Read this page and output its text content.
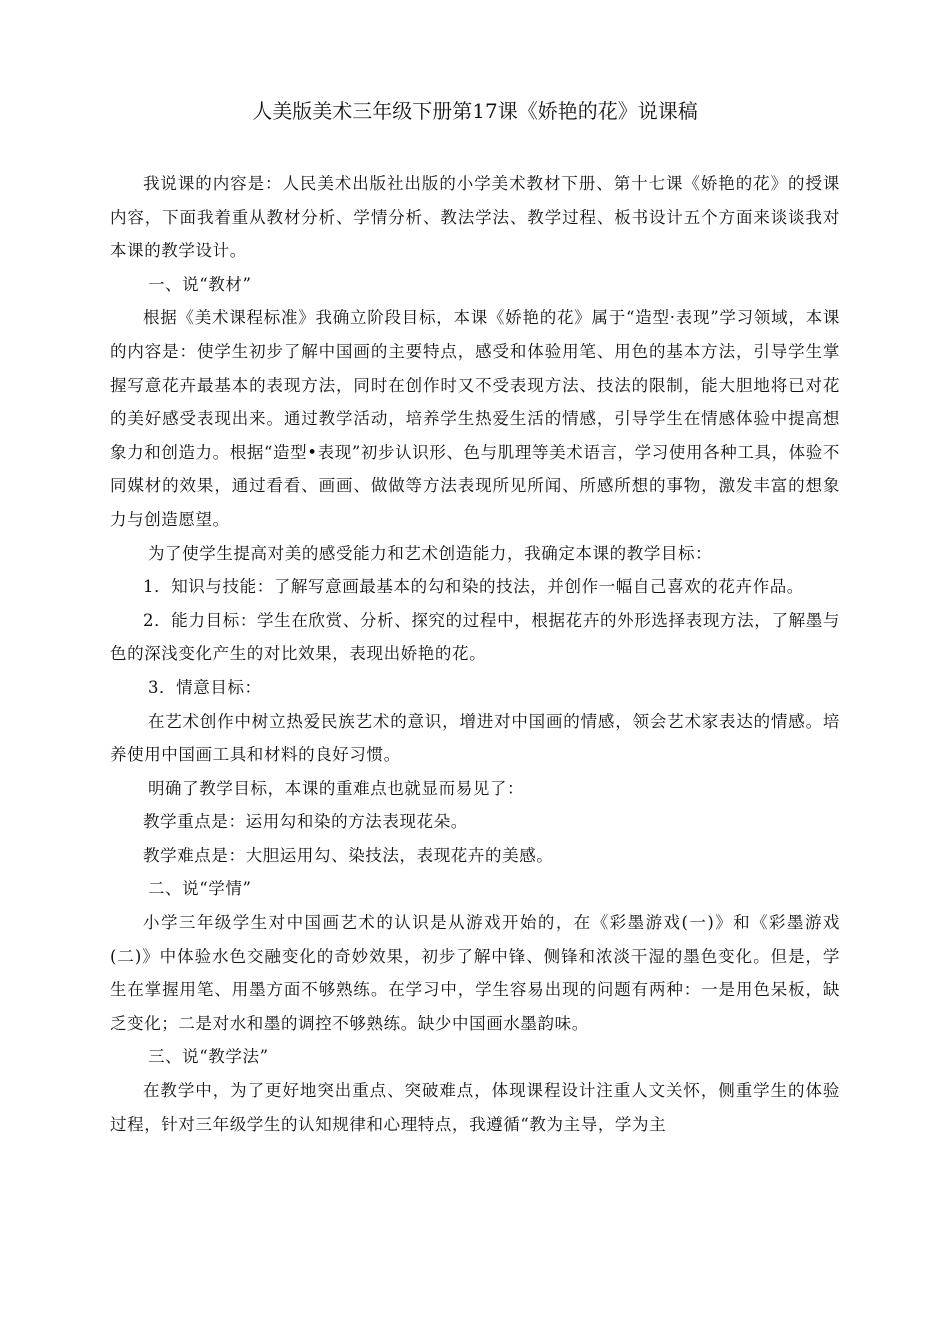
人美版美术三年级下册第17课《娇艳的花》说课稿

我说课的内容是：人民美术出版社出版的小学美术教材下册、第十七课《娇艳的花》的授课内容，下面我着重从教材分析、学情分析、教法学法、教学过程、板书设计五个方面来谈谈我对本课的教学设计。

一、说“教材”

根据《美术课程标准》我确立阶段目标，本课《娇艳的花》属于“造型·表现”学习领域，本课的内容是：使学生初步了解中国画的主要特点，感受和体验用笔、用色的基本方法，引导学生掌握写意花卉最基本的表现方法，同时在创作时又不受表现方法、技法的限制，能大胆地将已对花的美好感受表现出来。通过教学活动，培养学生热爱生活的情感，引导学生在情感体验中提高想象力和创造力。根据“造型•表现”初步认识形、色与肌理等美术语言，学习使用各种工具，体验不同媒材的效果，通过看看、画画、做做等方法表现所见所闻、所感所想的事物，激发丰富的想象力与创造愿望。

为了使学生提高对美的感受能力和艺术创造能力，我确定本课的教学目标：

1．知识与技能：了解写意画最基本的勾和染的技法，并创作一幅自己喜欢的花卉作品。

2．能力目标：学生在欣赏、分析、探究的过程中，根据花卉的外形选择表现方法，了解墨与色的深浅变化产生的对比效果，表现出娇艳的花。

3．情意目标：

在艺术创作中树立热爱民族艺术的意识，增进对中国画的情感，领会艺术家表达的情感。培养使用中国画工具和材料的良好习惯。

明确了教学目标，本课的重难点也就显而易见了：

教学重点是：运用勾和染的方法表现花朵。

教学难点是：大胆运用勾、染技法，表现花卉的美感。

二、说“学情”

小学三年级学生对中国画艺术的认识是从游戏开始的，在《彩墨游戏(一)》和《彩墨游戏(二)》中体验水色交融变化的奇妙效果，初步了解中锋、侧锋和浓淡干湿的墨色变化。但是，学生在掌握用笔、用墨方面不够熟练。在学习中，学生容易出现的问题有两种：一是用色呆板，缺乏变化；二是对水和墨的调控不够熟练。缺少中国画水墨韵味。

三、说“教学法”

在教学中，为了更好地突出重点、突破难点，体现课程设计注重人文关怀，侧重学生的体验过程，针对三年级学生的认知规律和心理特点，我遵循“教为主导，学为主
